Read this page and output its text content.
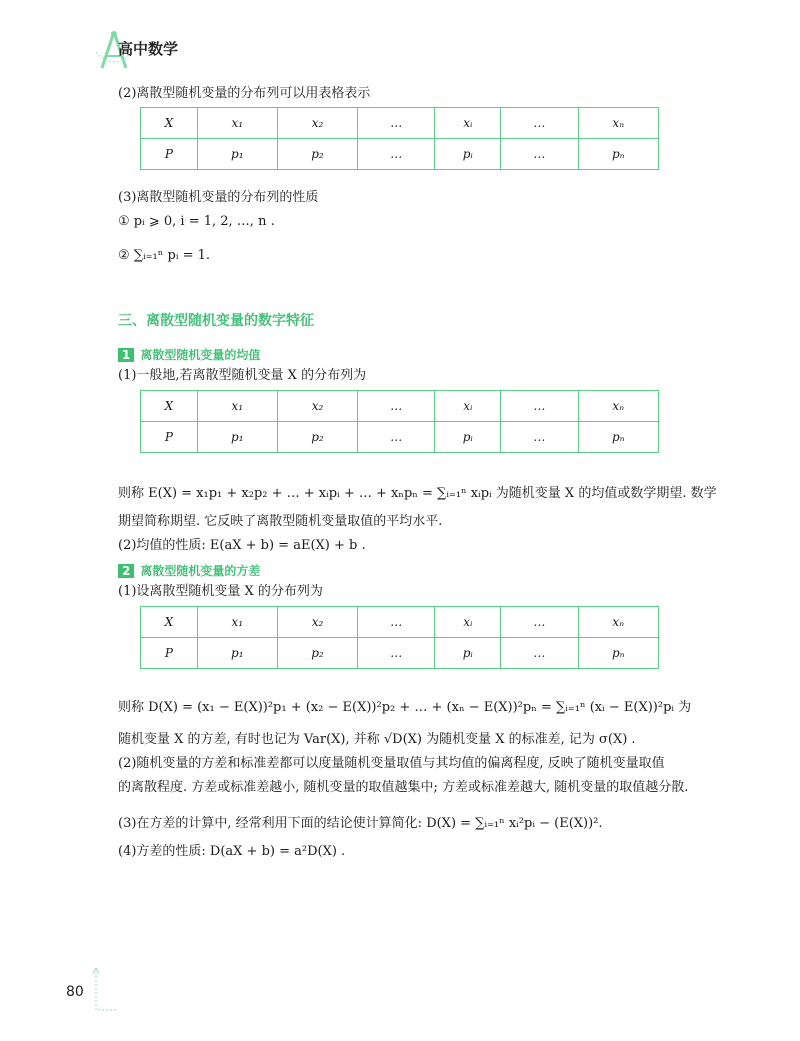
高中数学
(2)离散型随机变量的分布列可以用表格表示
X	x₁	x₂	…	xᵢ	…	xₙ
P	p₁	p₂	…	pᵢ	…	pₙ
(3)离散型随机变量的分布列的性质
① pᵢ ⩾ 0, i = 1, 2, …, n .
② ∑ᵢ₌₁ⁿ pᵢ = 1.
三、离散型随机变量的数字特征
1 离散型随机变量的均值
(1)一般地,若离散型随机变量 X 的分布列为
X	x₁	x₂	…	xᵢ	…	xₙ
P	p₁	p₂	…	pᵢ	…	pₙ
则称 E(X) = x₁p₁ + x₂p₂ + … + xᵢpᵢ + … + xₙpₙ = ∑ᵢ₌₁ⁿ xᵢpᵢ 为随机变量 X 的均值或数学期望. 数学
期望简称期望. 它反映了离散型随机变量取值的平均水平.
(2)均值的性质: E(aX + b) = aE(X) + b .
2 离散型随机变量的方差
(1)设离散型随机变量 X 的分布列为
X	x₁	x₂	…	xᵢ	…	xₙ
P	p₁	p₂	…	pᵢ	…	pₙ
则称 D(X) = (x₁ − E(X))²p₁ + (x₂ − E(X))²p₂ + … + (xₙ − E(X))²pₙ = ∑ᵢ₌₁ⁿ (xᵢ − E(X))²pᵢ 为
随机变量 X 的方差, 有时也记为 Var(X), 并称 √D(X) 为随机变量 X 的标准差, 记为 σ(X) .
(2)随机变量的方差和标准差都可以度量随机变量取值与其均值的偏离程度, 反映了随机变量取值
的离散程度. 方差或标准差越小, 随机变量的取值越集中; 方差或标准差越大, 随机变量的取值越分散.
(3)在方差的计算中, 经常利用下面的结论使计算简化: D(X) = ∑ᵢ₌₁ⁿ xᵢ²pᵢ − (E(X))².
(4)方差的性质: D(aX + b) = a²D(X) .
80
